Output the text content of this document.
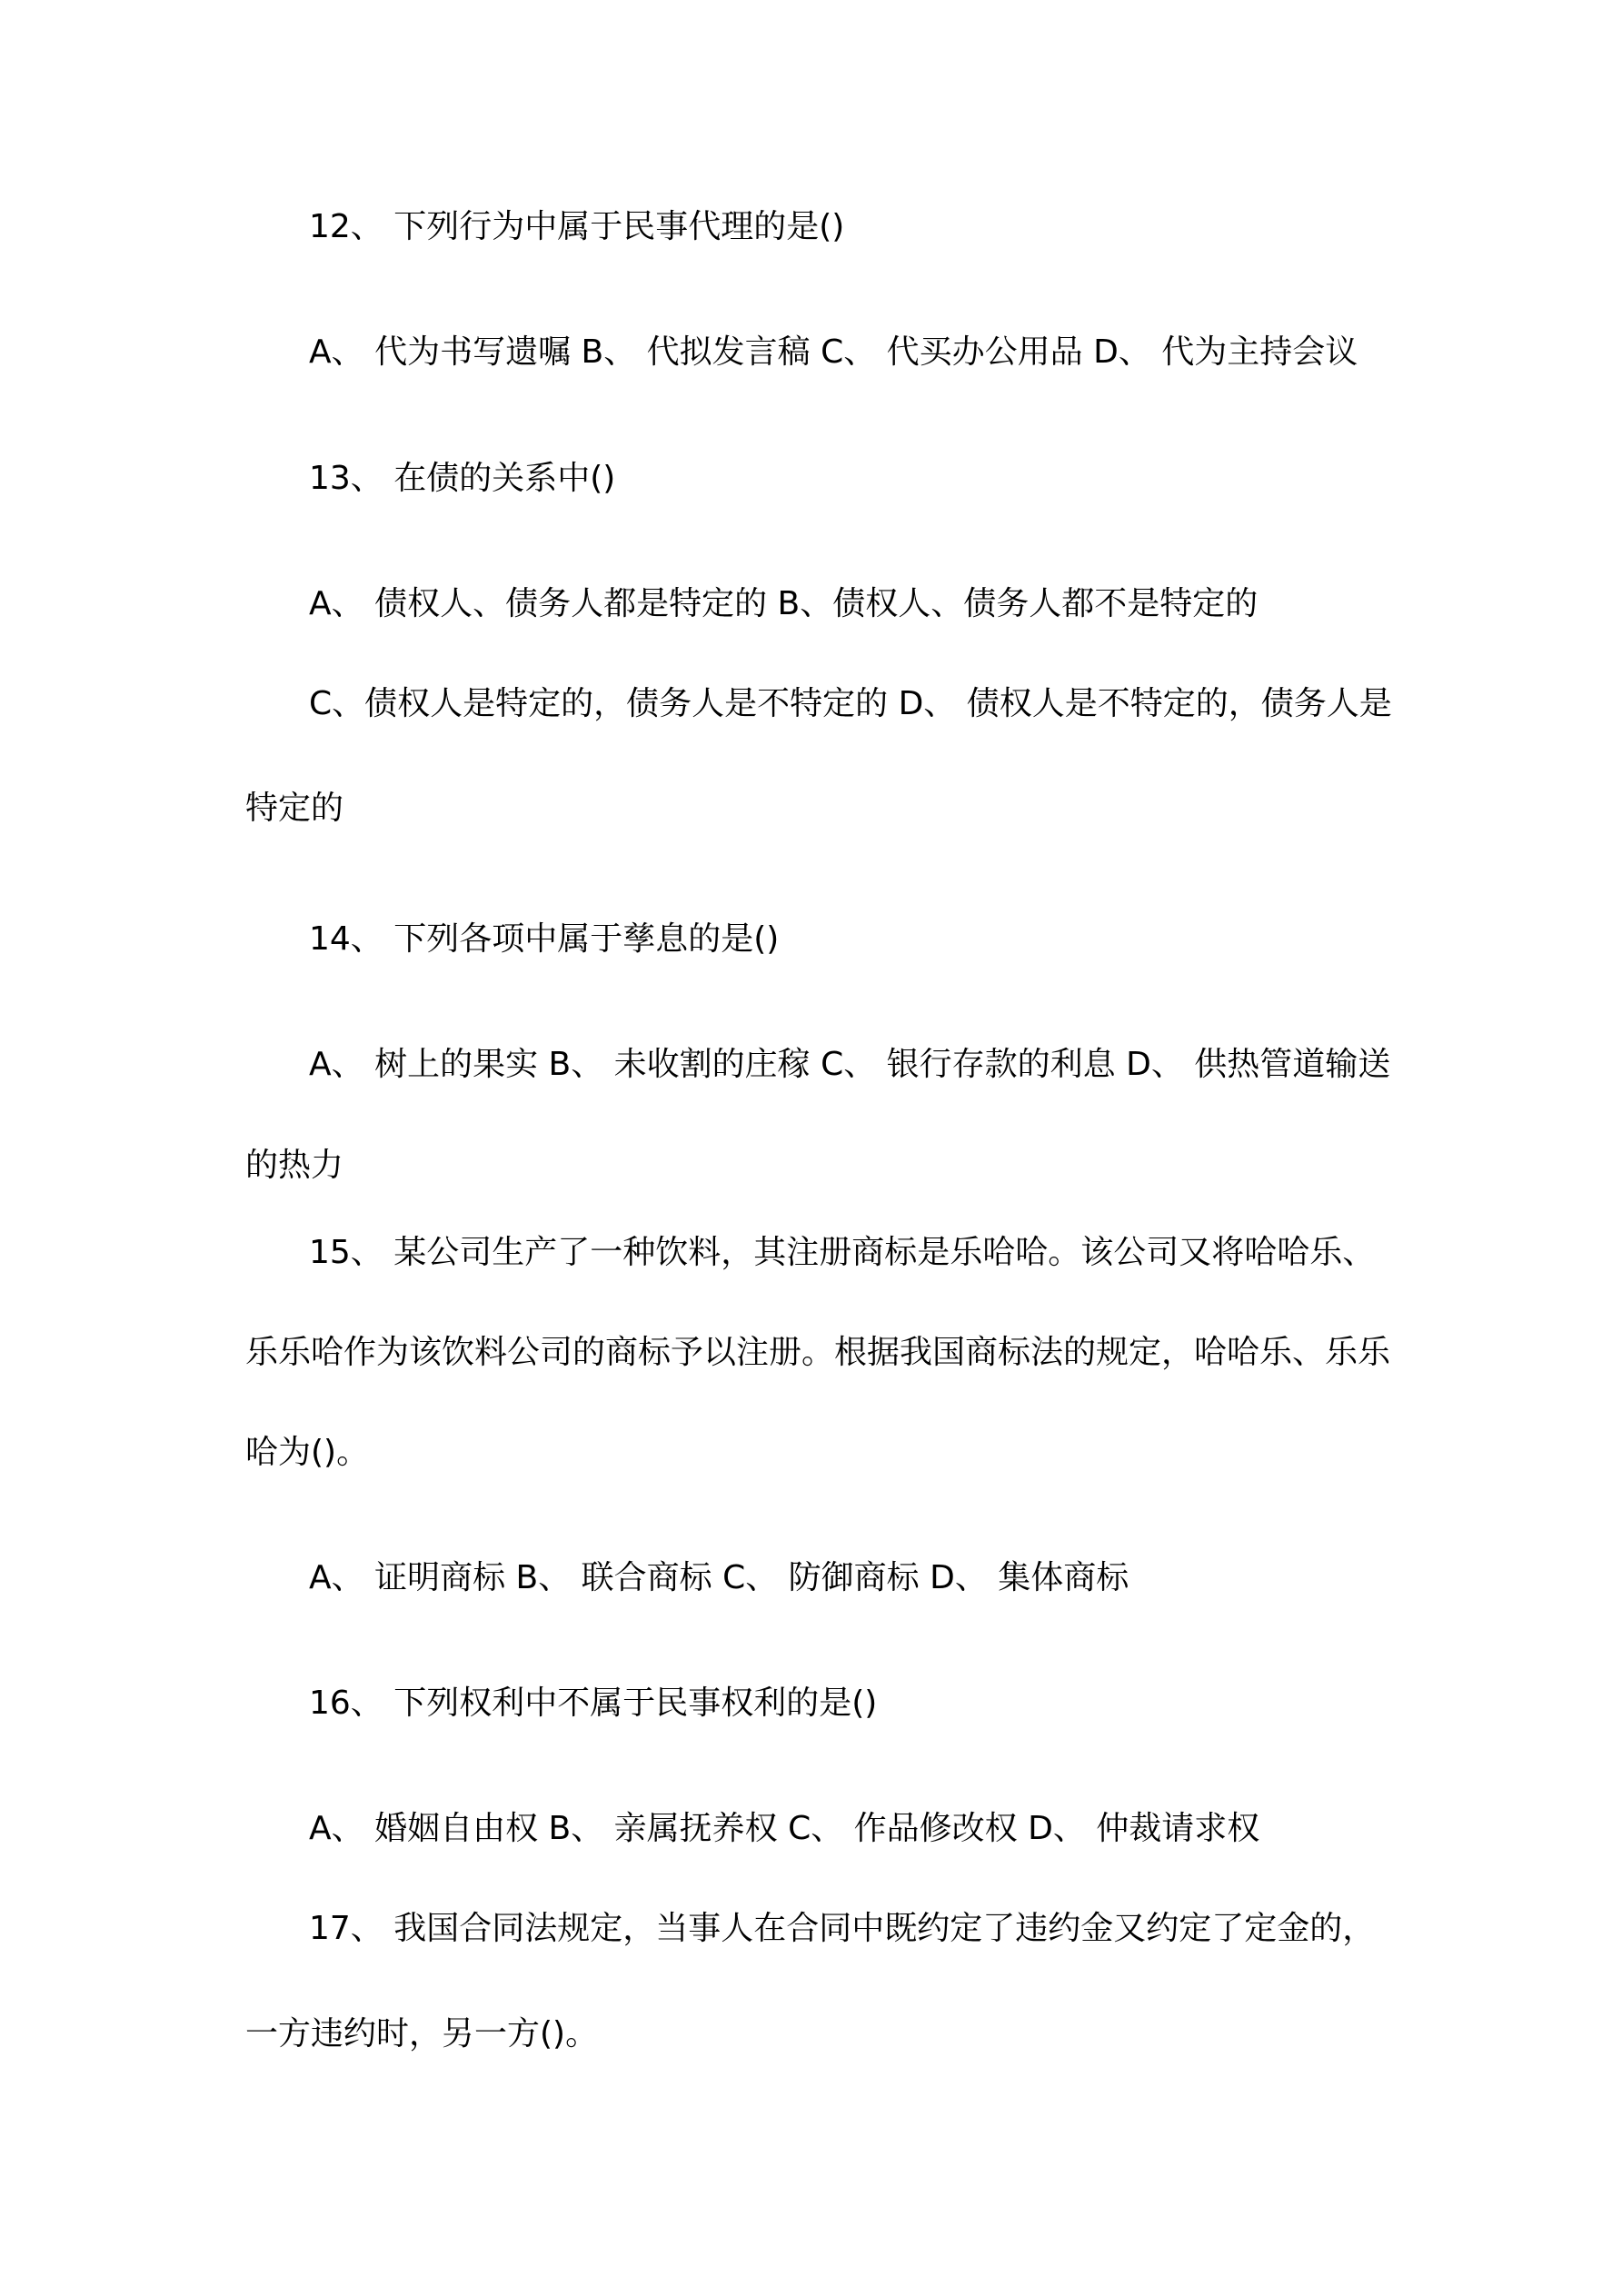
12、 下列行为中属于民事代理的是()
A、 代为书写遗嘱 B、 代拟发言稿 C、 代买办公用品 D、 代为主持会议
13、 在债的关系中()
A、 债权人、债务人都是特定的 B、债权人、债务人都不是特定的
C、债权人是特定的，债务人是不特定的 D、 债权人是不特定的，债务人是
特定的
14、 下列各项中属于孳息的是()
A、 树上的果实 B、 未收割的庄稼 C、 银行存款的利息 D、 供热管道输送
的热力
15、 某公司生产了一种饮料，其注册商标是乐哈哈。该公司又将哈哈乐、
乐乐哈作为该饮料公司的商标予以注册。根据我国商标法的规定，哈哈乐、乐乐
哈为()。
A、 证明商标 B、 联合商标 C、 防御商标 D、 集体商标
16、 下列权利中不属于民事权利的是()
A、 婚姻自由权 B、 亲属抚养权 C、 作品修改权 D、 仲裁请求权
17、 我国合同法规定，当事人在合同中既约定了违约金又约定了定金的，
一方违约时，另一方()。
